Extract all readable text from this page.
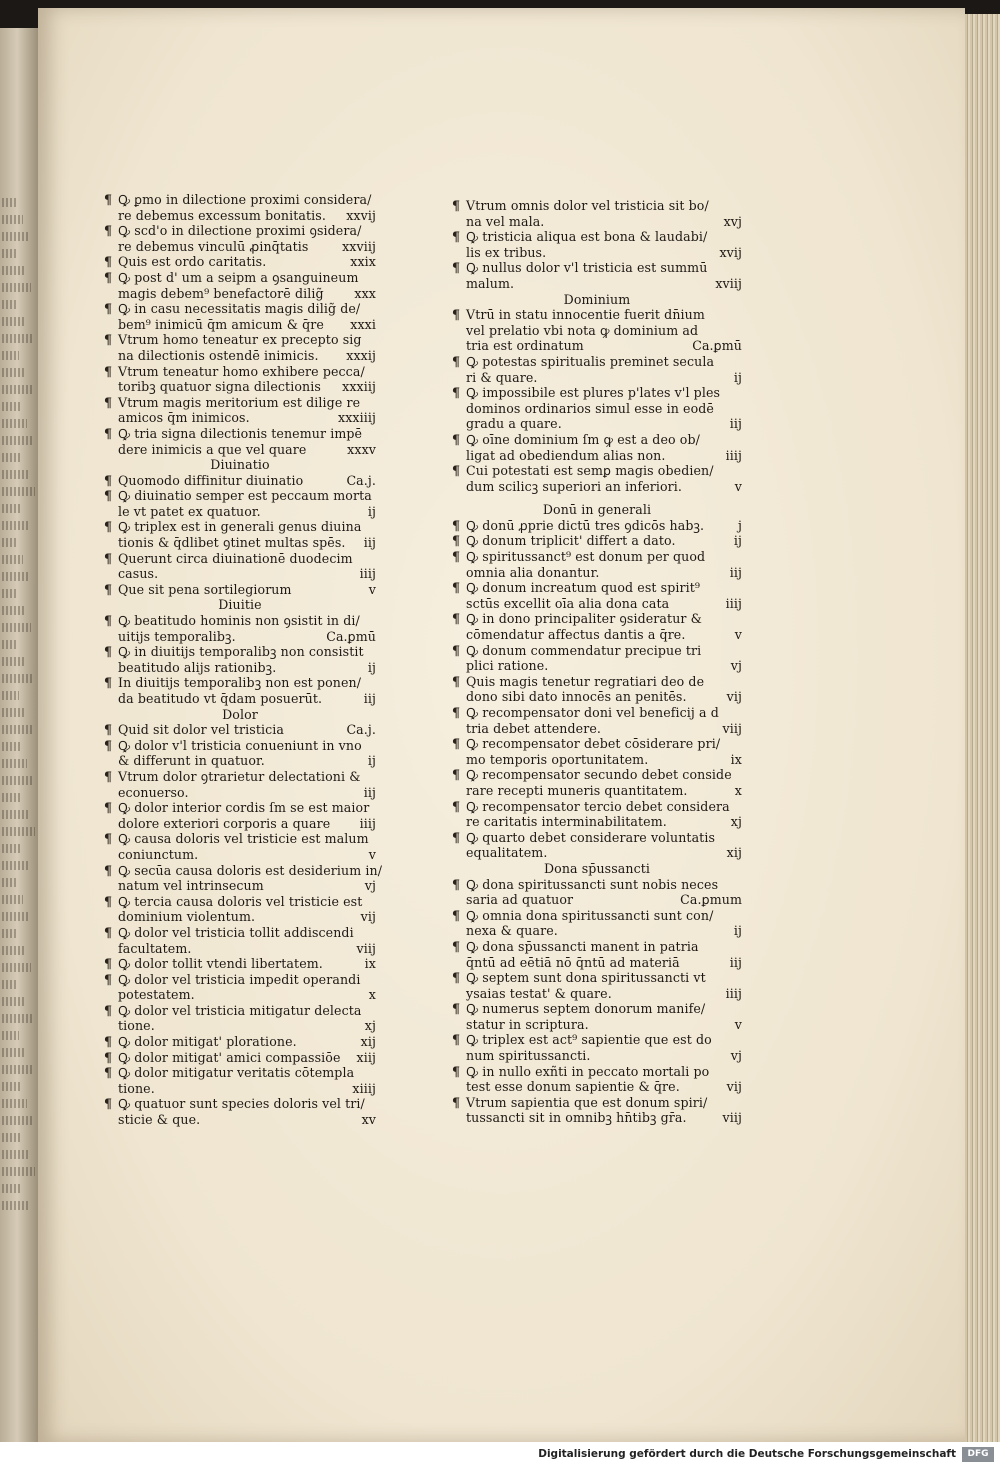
¶ Ꝙ ꝑmo in dilectione proximi considera/
re debemus excessum bonitatis. xxvij
¶ Ꝙ scd'o in dilectione proximi ꝯsidera/
re debemus vinculū ꝓinq̄tatis	xxviij
¶ Quis est ordo caritatis.	xxix
¶ Ꝙ post d' um a seipm a ꝯsanguineum
magis debem⁹ benefactorē dilig̃ xxx
¶ Ꝙ in casu necessitatis magis dilig̃ de/
bem⁹ inimicū q̄m amicum & q̄re xxxi
¶ Vtrum homo teneatur ex precepto sig
na dilectionis ostendē inimicis. xxxij
¶ Vtrum teneatur homo exhibere pecca/
toribꝫ quatuor signa dilectionis xxxiij
¶ Vtrum magis meritorium est dilige re
amicos q̄m inimicos.	xxxiiij
¶ Ꝙ tria signa dilectionis tenemur impē
dere inimicis a que vel quare	xxxv
Diuinatio
¶ Quomodo diffinitur diuinatio	Ca.j.
¶ Ꝙ diuinatio semper est peccaum morta
le vt patet ex quatuor.	ij
¶ Ꝙ triplex est in generali genus diuina
tionis & q̄dlibet ꝯtinet multas spēs. iij
¶ Querunt circa diuinationē duodecim
casus.	iiij
¶ Que sit pena sortilegiorum	v
Diuitie
¶ Ꝙ beatitudo hominis non ꝯsistit in di/
uitijs temporalibꝫ.	Ca.ꝑmū
¶ Ꝙ in diuitijs temporalibꝫ non consistit
beatitudo alijs rationibꝫ.	ij
¶ In diuitijs temporalibꝫ non est ponen/
da beatitudo vt q̄dam posuerūt.	iij
Dolor
¶ Quid sit dolor vel tristicia	Ca.j.
¶ Ꝙ dolor v'l tristicia conueniunt in vno
& differunt in quatuor.	ij
¶ Vtrum dolor ꝯtrarietur delectationi &
econuerso.	iij
¶ Ꝙ dolor interior cordis ſm se est maior
dolore exteriori corporis a quare iiij
¶ Ꝙ causa doloris vel tristicie est malum
coniunctum.	v
¶ Ꝙ secūa causa doloris est desiderium in/
natum vel intrinsecum	vj
¶ Ꝙ tercia causa doloris vel tristicie est
dominium violentum.	vij
¶ Ꝙ dolor vel tristicia tollit addiscendi
facultatem.	viij
¶ Ꝙ dolor tollit vtendi libertatem.	ix
¶ Ꝙ dolor vel tristicia impedit operandi
potestatem.	x
¶ Ꝙ dolor vel tristicia mitigatur delecta
tione.	xj
¶ Ꝙ dolor mitigat' ploratione.	xij
¶ Ꝙ dolor mitigat' amici compassiōe xiij
¶ Ꝙ dolor mitigatur veritatis cōtempla
tione.	xiiij
¶ Ꝙ quatuor sunt species doloris vel tri/
sticie & que.	xv
¶ Vtrum omnis dolor vel tristicia sit bo/
na vel mala.	xvj
¶ Ꝙ tristicia aliqua est bona & laudabi/
lis ex tribus.	xvij
¶ Ꝙ nullus dolor v'l tristicia est summū
malum.	xviij
Dominium
¶ Vtrū in statu innocentie fuerit dn̄ium
vel prelatio vbi nota ꝙ dominium ad
tria est ordinatum	Ca.ꝑmū
¶ Ꝙ potestas spiritualis preminet secula
ri & quare.	ij
¶ Ꝙ impossibile est plures p'lates v'l ples
dominos ordinarios simul esse in eodē
gradu a quare.	iij
¶ Ꝙ oīne dominium ſm ꝙ est a deo ob/
ligat ad obediendum alias non.	iiij
¶ Cui potestati est semꝑ magis obedien/
dum scilicꝫ superiori an inferiori.	v
Donū in generali
¶ Ꝙ donū ꝓprie dictū tres ꝯdicōs habꝫ.	j
¶ Ꝙ donum triplicit' differt a dato.	ij
¶ Ꝙ spiritussanct⁹ est donum per quod
omnia alia donantur.	iij
¶ Ꝙ donum increatum quod est spirit⁹
sctūs excellit oīa alia dona cata	iiij
¶ Ꝙ in dono principaliter ꝯsideratur &
cōmendatur affectus dantis a q̄re.	v
¶ Ꝙ donum commendatur precipue tri
plici ratione.	vj
¶ Quis magis tenetur regratiari deo de
dono sibi dato innocēs an penitēs.	vij
¶ Ꝙ recompensator doni vel beneficij a d
tria debet attendere.	viij
¶ Ꝙ recompensator debet cōsiderare pri/
mo temporis oportunitatem.	ix
¶ Ꝙ recompensator secundo debet conside
rare recepti muneris quantitatem.	x
¶ Ꝙ recompensator tercio debet considera
re caritatis interminabilitatem.	xj
¶ Ꝙ quarto debet considerare voluntatis
equalitatem.	xij
Dona sp̄ussancti
¶ Ꝙ dona spiritussancti sunt nobis neces
saria ad quatuor	Ca.ꝑmum
¶ Ꝙ omnia dona spiritussancti sunt con/
nexa & quare.	ij
¶ Ꝙ dona sp̄ussancti manent in patria
q̄ntū ad eētiā nō q̄ntū ad materiā	iij
¶ Ꝙ septem sunt dona spiritussancti vt
ysaias testat' & quare.	iiij
¶ Ꝙ numerus septem donorum manife/
statur in scriptura.	v
¶ Ꝙ triplex est act⁹ sapientie que est do
num spiritussancti.	vj
¶ Ꝙ in nullo exñti in peccato mortali po
test esse donum sapientie & q̄re.	vij
¶ Vtrum sapientia que est donum spiri/
tussancti sit in omnibꝫ hn̄tibꝫ gr̄a.	viij
Digitalisierung gefördert durch die Deutsche Forschungsgemeinschaft	DFG
